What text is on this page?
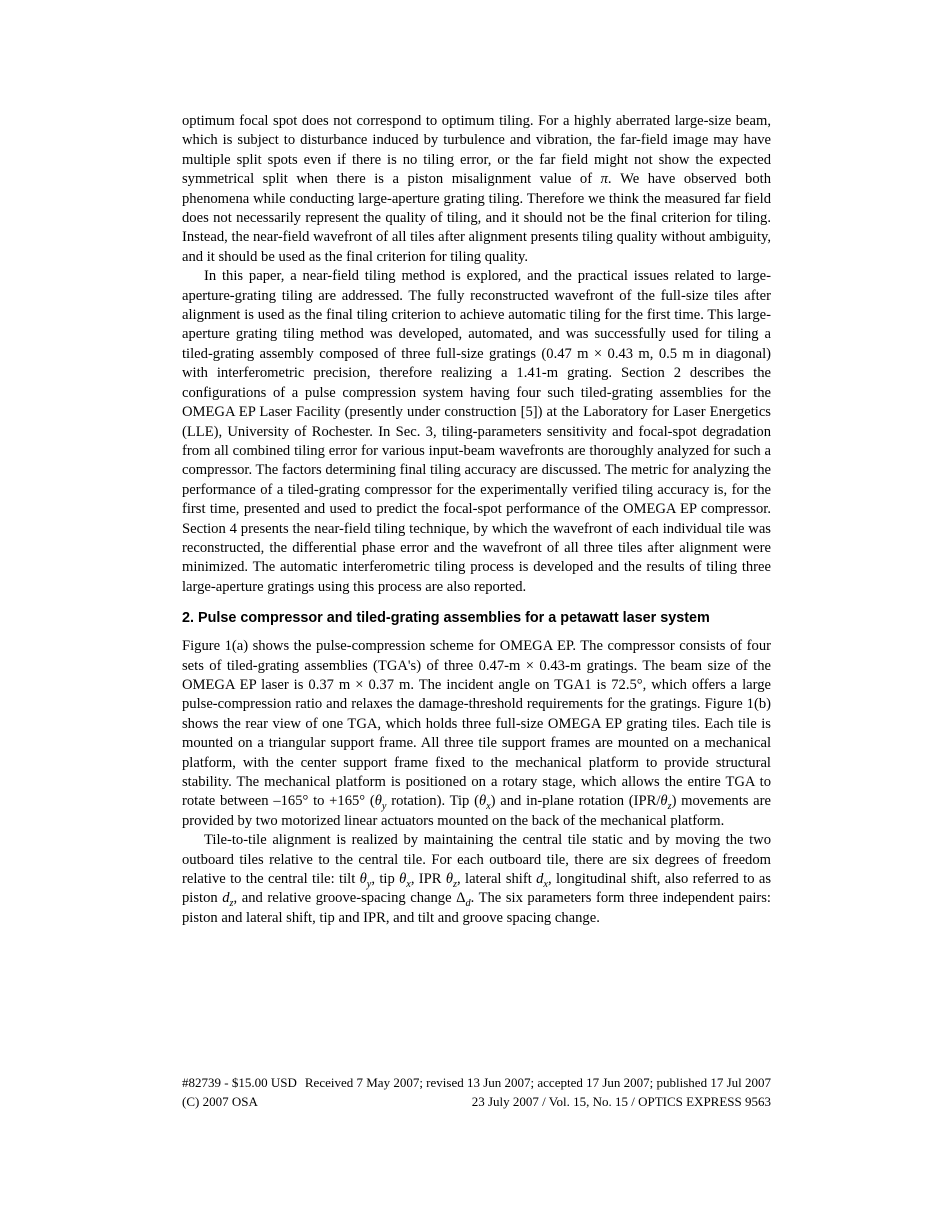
optimum focal spot does not correspond to optimum tiling. For a highly aberrated large-size beam, which is subject to disturbance induced by turbulence and vibration, the far-field image may have multiple split spots even if there is no tiling error, or the far field might not show the expected symmetrical split when there is a piston misalignment value of π. We have observed both phenomena while conducting large-aperture grating tiling. Therefore we think the measured far field does not necessarily represent the quality of tiling, and it should not be the final criterion for tiling. Instead, the near-field wavefront of all tiles after alignment presents tiling quality without ambiguity, and it should be used as the final criterion for tiling quality.

In this paper, a near-field tiling method is explored, and the practical issues related to large-aperture-grating tiling are addressed. The fully reconstructed wavefront of the full-size tiles after alignment is used as the final tiling criterion to achieve automatic tiling for the first time. This large-aperture grating tiling method was developed, automated, and was successfully used for tiling a tiled-grating assembly composed of three full-size gratings (0.47 m × 0.43 m, 0.5 m in diagonal) with interferometric precision, therefore realizing a 1.41-m grating. Section 2 describes the configurations of a pulse compression system having four such tiled-grating assemblies for the OMEGA EP Laser Facility (presently under construction [5]) at the Laboratory for Laser Energetics (LLE), University of Rochester. In Sec. 3, tiling-parameters sensitivity and focal-spot degradation from all combined tiling error for various input-beam wavefronts are thoroughly analyzed for such a compressor. The factors determining final tiling accuracy are discussed. The metric for analyzing the performance of a tiled-grating compressor for the experimentally verified tiling accuracy is, for the first time, presented and used to predict the focal-spot performance of the OMEGA EP compressor. Section 4 presents the near-field tiling technique, by which the wavefront of each individual tile was reconstructed, the differential phase error and the wavefront of all three tiles after alignment were minimized. The automatic interferometric tiling process is developed and the results of tiling three large-aperture gratings using this process are also reported.

2. Pulse compressor and tiled-grating assemblies for a petawatt laser system

Figure 1(a) shows the pulse-compression scheme for OMEGA EP. The compressor consists of four sets of tiled-grating assemblies (TGA's) of three 0.47-m × 0.43-m gratings. The beam size of the OMEGA EP laser is 0.37 m × 0.37 m. The incident angle on TGA1 is 72.5°, which offers a large pulse-compression ratio and relaxes the damage-threshold requirements for the gratings. Figure 1(b) shows the rear view of one TGA, which holds three full-size OMEGA EP grating tiles. Each tile is mounted on a triangular support frame. All three tile support frames are mounted on a mechanical platform, with the center support frame fixed to the mechanical platform to provide structural stability. The mechanical platform is positioned on a rotary stage, which allows the entire TGA to rotate between –165° to +165° ($\theta_y$ rotation). Tip $(\theta_x)$ and in-plane rotation $(IPR/\theta_z)$ movements are provided by two motorized linear actuators mounted on the back of the mechanical platform.

Tile-to-tile alignment is realized by maintaining the central tile static and by moving the two outboard tiles relative to the central tile. For each outboard tile, there are six degrees of freedom relative to the central tile: tilt $\theta_y$, tip $\theta_x$, IPR $\theta_z$, lateral shift $d_x$, longitudinal shift, also referred to as piston $d_z$, and relative groove-spacing change $\Delta_d$. The six parameters form three independent pairs: piston and lateral shift, tip and IPR, and tilt and groove spacing change.

#82739 - $15.00 USD Received 7 May 2007; revised 13 Jun 2007; accepted 17 Jun 2007; published 17 Jul 2007
(C) 2007 OSA	23 July 2007 / Vol. 15, No. 15 / OPTICS EXPRESS 9563
